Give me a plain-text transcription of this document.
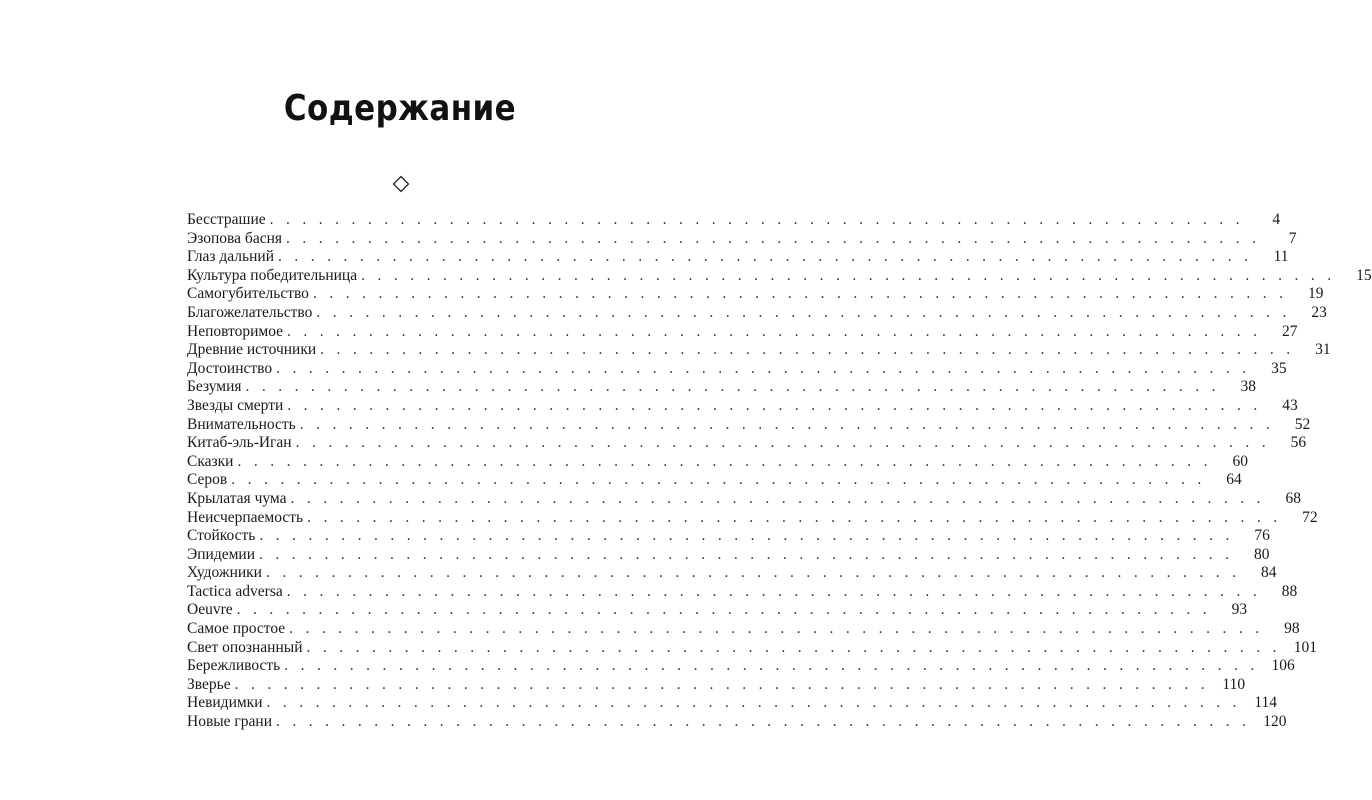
Содержание
Бесстрашие ............................................................	4
Эзопова басня ............................................................	7
Глаз дальний ............................................................ 11
Культура победительница ............................................................ 15
Самогубительство ............................................................ 19
Благожелательство ............................................................ 23
Неповторимое ............................................................ 27
Древние источники ............................................................ 31
Достоинство ............................................................ 35
Безумия ............................................................ 38
Звезды смерти ............................................................ 43
Внимательность ............................................................ 52
Китаб-эль-Иган ............................................................ 56
Сказки ............................................................ 60
Серов ............................................................ 64
Крылатая чума ............................................................ 68
Неисчерпаемость ............................................................ 72
Стойкость ............................................................ 76
Эпидемии ............................................................ 80
Художники ............................................................ 84
Tactica adversa ............................................................ 88
Oeuvre ............................................................ 93
Самое простое ............................................................ 98
Свет опознанный ............................................................ 101
Бережливость ............................................................ 106
Зверье ............................................................ 110
Невидимки ............................................................ 114
Новые грани ............................................................ 120
